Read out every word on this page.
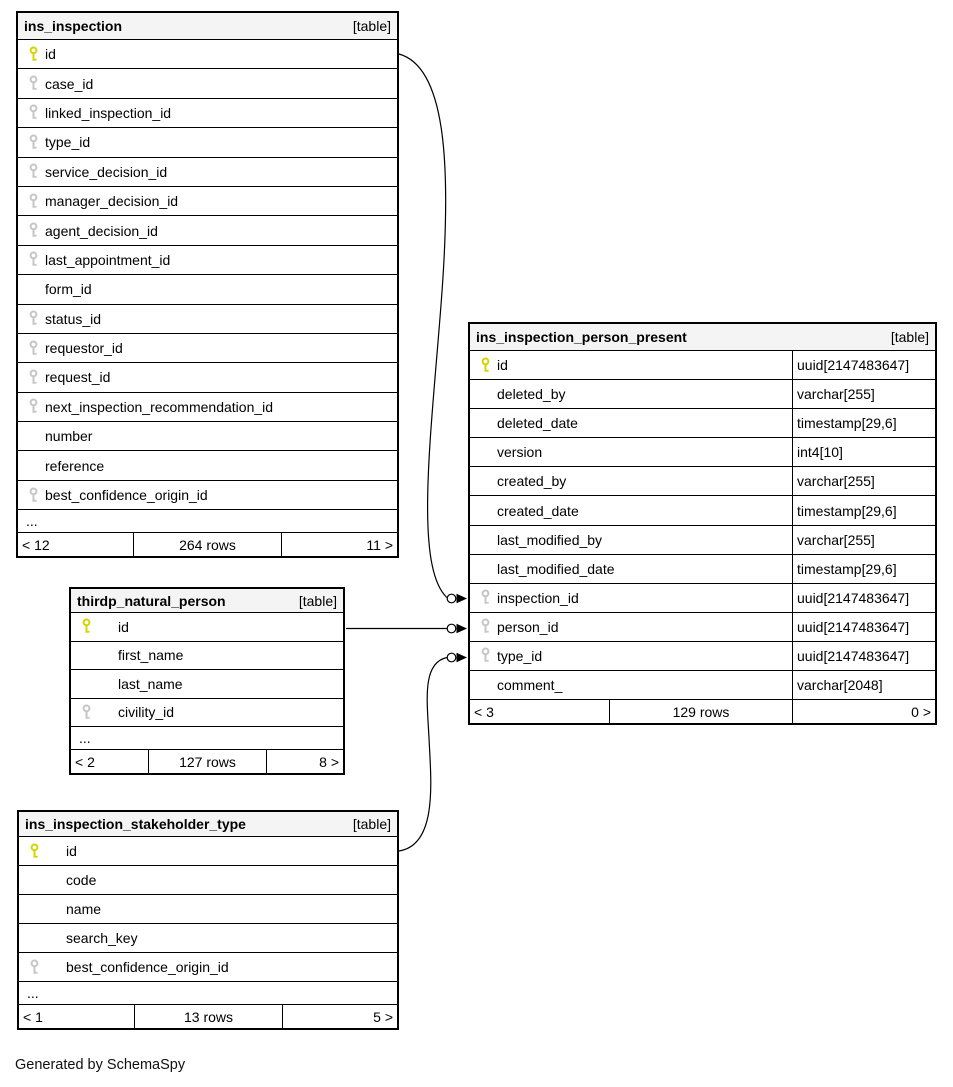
ins_inspection	[table]
id
case_id
linked_inspection_id
type_id
service_decision_id
manager_decision_id
agent_decision_id
last_appointment_id
form_id
status_id
requestor_id
request_id
next_inspection_recommendation_id
number
reference
best_confidence_origin_id
...
< 12	264 rows	11 >
ins_inspection_person_present	[table]
id	uuid[2147483647]
deleted_by	varchar[255]
deleted_date	timestamp[29,6]
version	int4[10]
created_by	varchar[255]
created_date	timestamp[29,6]
last_modified_by	varchar[255]
last_modified_date	timestamp[29,6]
inspection_id	uuid[2147483647]
person_id	uuid[2147483647]
type_id	uuid[2147483647]
comment_	varchar[2048]
< 3	129 rows	0 >
thirdp_natural_person	[table]
id
first_name
last_name
civility_id
...
< 2	127 rows	8 >
ins_inspection_stakeholder_type	[table]
id
code
name
search_key
best_confidence_origin_id
...
< 1	13 rows	5 >
Generated by SchemaSpy
